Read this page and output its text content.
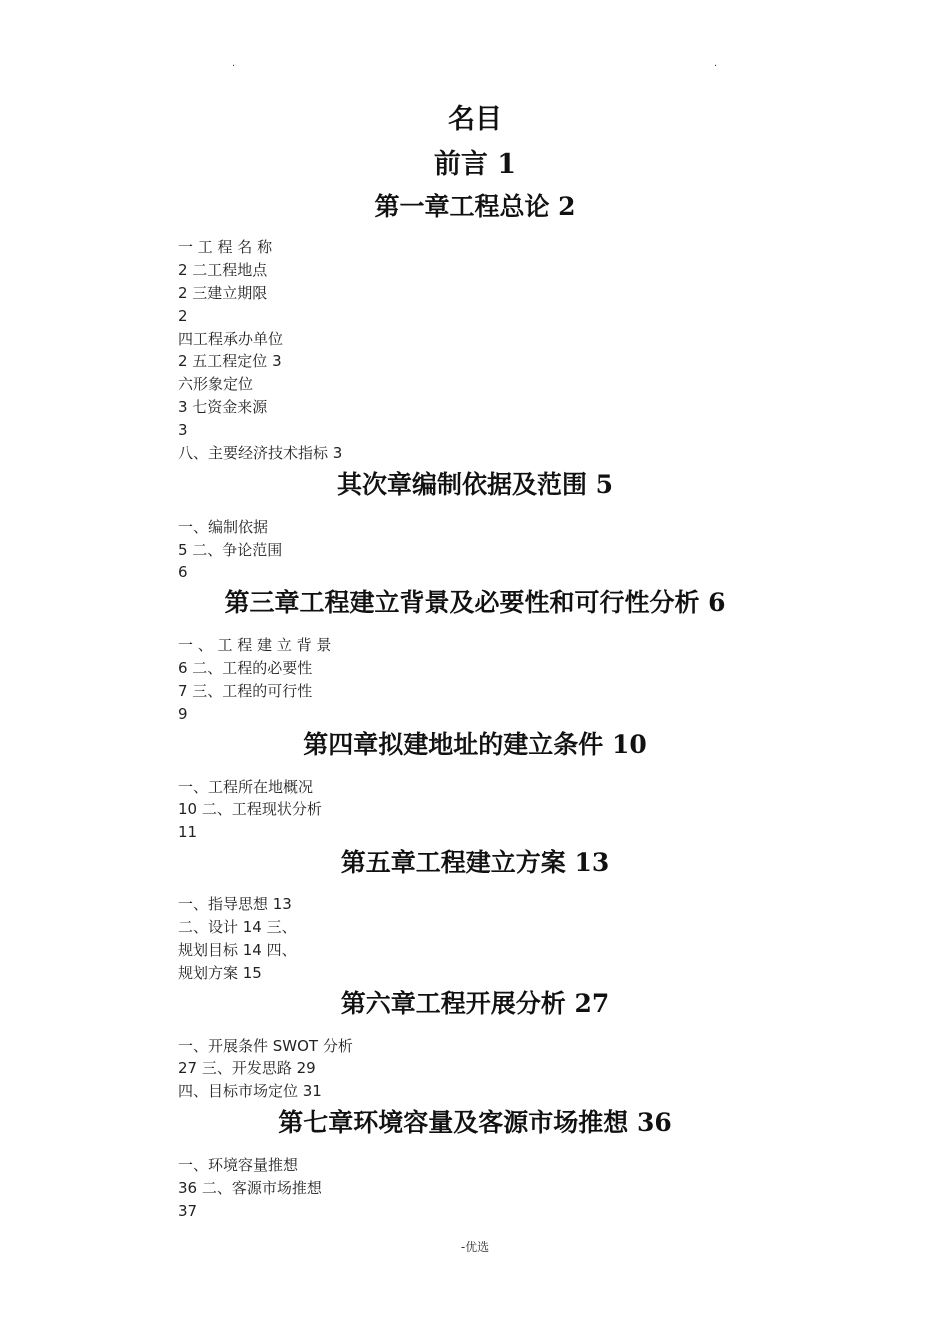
.	.
名目
前言 1
第一章工程总论 2
一 工 程 名 称
2 二工程地点
2 三建立期限
2
四工程承办单位
2 五工程定位 3
六形象定位
3 七资金来源
3
八、主要经济技术指标 3
其次章编制依据及范围 5
一、编制依据
5 二、争论范围
6
第三章工程建立背景及必要性和可行性分析 6
一 、 工 程 建 立 背 景
6 二、工程的必要性
7 三、工程的可行性
9
第四章拟建地址的建立条件 10
一、工程所在地概况
10 二、工程现状分析
11
第五章工程建立方案 13
一、指导思想 13
二、设计 14 三、
规划目标 14 四、
规划方案 15
第六章工程开展分析 27
一、开展条件 SWOT 分析
27 三、开发思路 29
四、目标市场定位 31
第七章环境容量及客源市场推想 36
一、环境容量推想
36 二、客源市场推想
37
-优选
